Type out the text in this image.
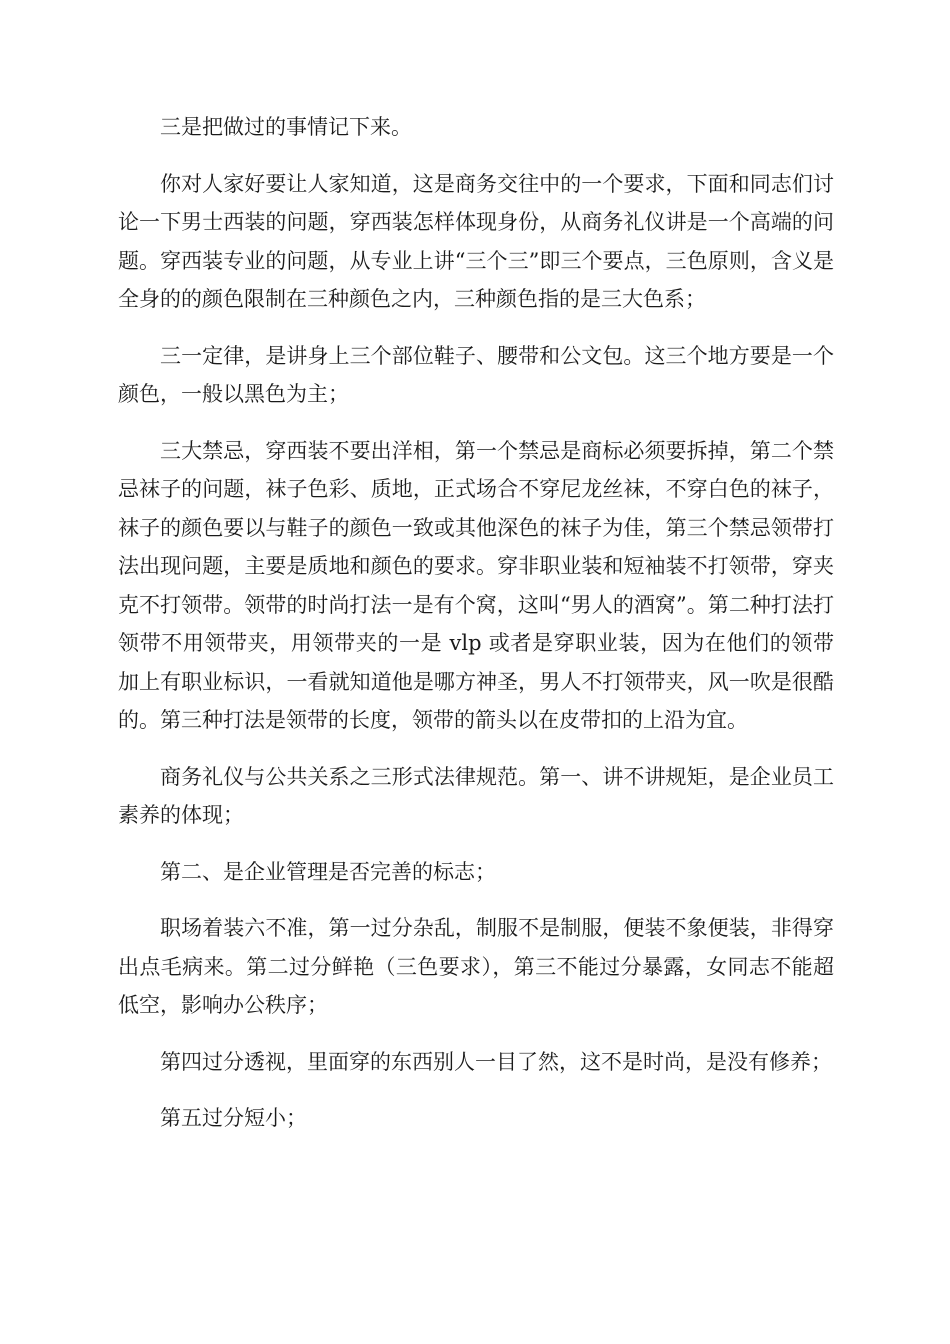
三是把做过的事情记下来。

你对人家好要让人家知道，这是商务交往中的一个要求，下面和同志们讨论一下男士西装的问题，穿西装怎样体现身份，从商务礼仪讲是一个高端的问题。穿西装专业的问题，从专业上讲“三个三”即三个要点，三色原则，含义是全身的的颜色限制在三种颜色之内，三种颜色指的是三大色系；

三一定律，是讲身上三个部位鞋子、腰带和公文包。这三个地方要是一个颜色，一般以黑色为主；

三大禁忌，穿西装不要出洋相，第一个禁忌是商标必须要拆掉，第二个禁忌袜子的问题，袜子色彩、质地，正式场合不穿尼龙丝袜，不穿白色的袜子，袜子的颜色要以与鞋子的颜色一致或其他深色的袜子为佳，第三个禁忌领带打法出现问题，主要是质地和颜色的要求。穿非职业装和短袖装不打领带，穿夹克不打领带。领带的时尚打法一是有个窝，这叫“男人的酒窝”。第二种打法打领带不用领带夹，用领带夹的一是 vlp 或者是穿职业装，因为在他们的领带加上有职业标识，一看就知道他是哪方神圣，男人不打领带夹，风一吹是很酷的。第三种打法是领带的长度，领带的箭头以在皮带扣的上沿为宜。

商务礼仪与公共关系之三形式法律规范。第一、讲不讲规矩，是企业员工素养的体现；

第二、是企业管理是否完善的标志；

职场着装六不准，第一过分杂乱，制服不是制服，便装不象便装，非得穿出点毛病来。第二过分鲜艳（三色要求），第三不能过分暴露，女同志不能超低空，影响办公秩序；

第四过分透视，里面穿的东西别人一目了然，这不是时尚，是没有修养；

第五过分短小；
